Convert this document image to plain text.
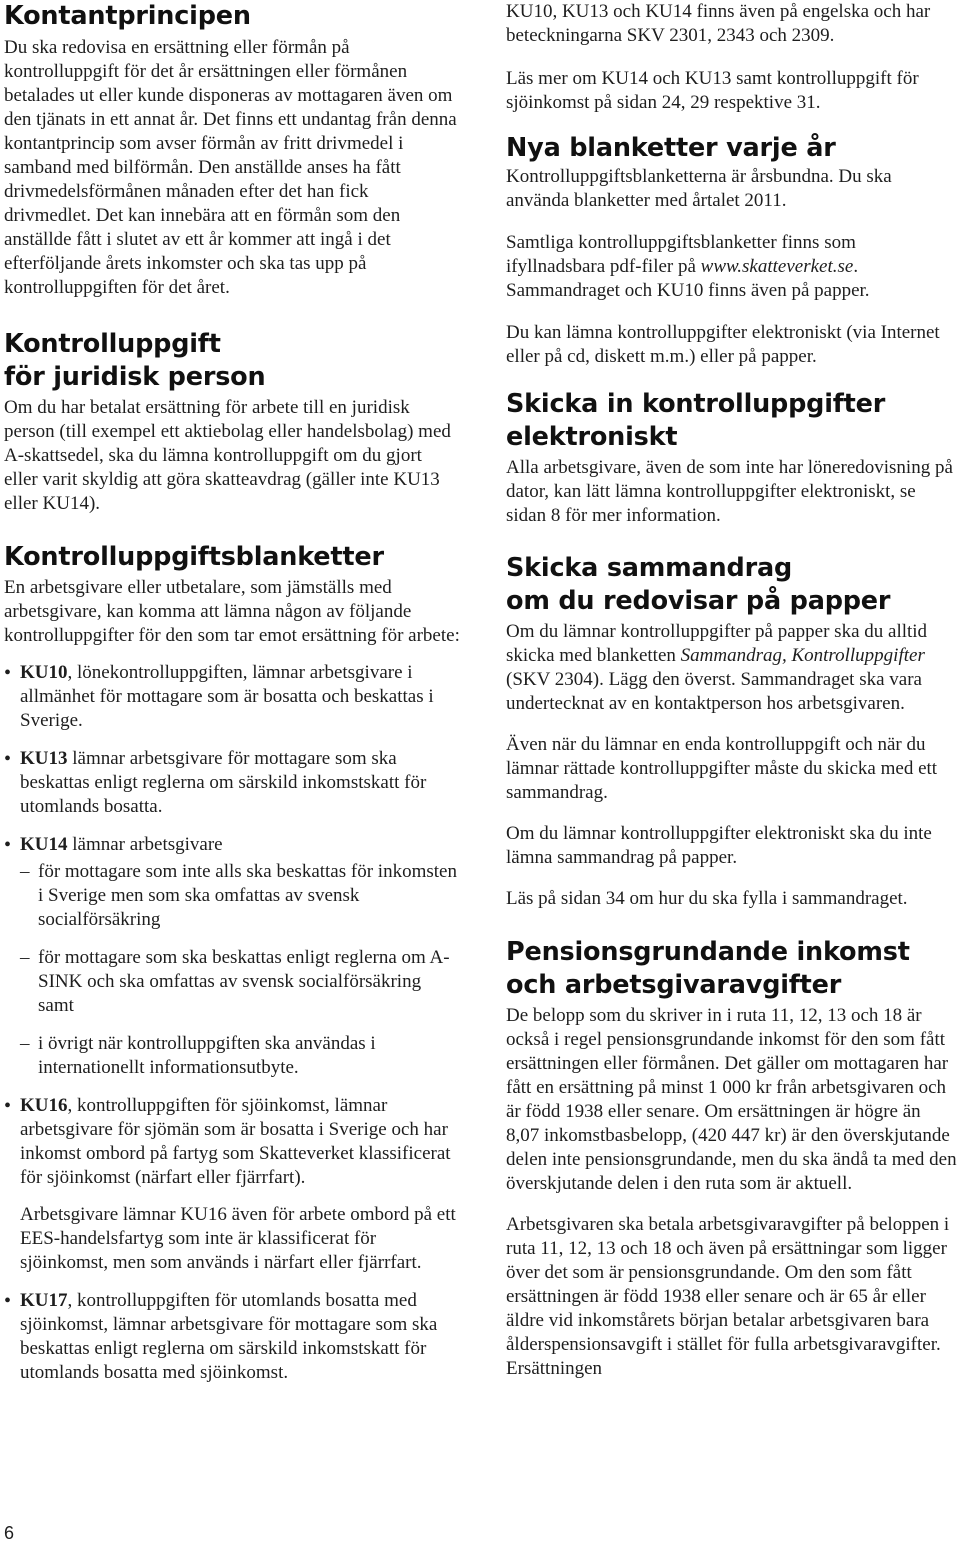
Kontantprincipen

Du ska redovisa en ersättning eller förmån på kontrolluppgift för det år ersättningen eller förmånen betalades ut eller kunde disponeras av mottagaren även om den tjänats in ett annat år. Det finns ett undantag från denna kontantprincip som avser förmån av fritt drivmedel i samband med bilförmån. Den anställde anses ha fått drivmedelsförmånen månaden efter det han fick drivmedlet. Det kan innebära att en förmån som den anställde fått i slutet av ett år kommer att ingå i det efterföljande årets inkomster och ska tas upp på kontrolluppgiften för det året.

Kontrolluppgift
för juridisk person

Om du har betalat ersättning för arbete till en juridisk person (till exempel ett aktiebolag eller handelsbolag) med A-skattsedel, ska du lämna kontrolluppgift om du gjort eller varit skyldig att göra skatteavdrag (gäller inte KU13 eller KU14).

Kontrolluppgiftsblanketter

En arbetsgivare eller utbetalare, som jämställs med arbetsgivare, kan komma att lämna någon av följande kontrolluppgifter för den som tar emot ersättning för arbete:

• KU10, lönekontrolluppgiften, lämnar arbetsgivare i allmänhet för mottagare som är bosatta och beskattas i Sverige.

• KU13 lämnar arbetsgivare för mottagare som ska beskattas enligt reglerna om särskild inkomstskatt för utomlands bosatta.

• KU14 lämnar arbetsgivare

– för mottagare som inte alls ska beskattas för inkomsten i Sverige men som ska omfattas av svensk socialförsäkring

– för mottagare som ska beskattas enligt reglerna om A-SINK och ska omfattas av svensk socialförsäkring samt

– i övrigt när kontrolluppgiften ska användas i internationellt informationsutbyte.

• KU16, kontrolluppgiften för sjöinkomst, lämnar arbetsgivare för sjömän som är bosatta i Sverige och har inkomst ombord på fartyg som Skatteverket klassificerat för sjöinkomst (närfart eller fjärrfart).

Arbetsgivare lämnar KU16 även för arbete ombord på ett EES-handelsfartyg som inte är klassificerat för sjöinkomst, men som används i närfart eller fjärrfart.

• KU17, kontrolluppgiften för utomlands bosatta med sjöinkomst, lämnar arbetsgivare för mottagare som ska beskattas enligt reglerna om särskild inkomstskatt för utomlands bosatta med sjöinkomst.

KU10, KU13 och KU14 finns även på engelska och har beteckningarna SKV 2301, 2343 och 2309.

Läs mer om KU14 och KU13 samt kontrolluppgift för sjöinkomst på sidan 24, 29 respektive 31.

Nya blanketter varje år

Kontrolluppgiftsblanketterna är årsbundna. Du ska använda blanketter med årtalet 2011.

Samtliga kontrolluppgiftsblanketter finns som ifyllnadsbara pdf-filer på www.skatteverket.se. Sammandraget och KU10 finns även på papper.

Du kan lämna kontrolluppgifter elektroniskt (via Internet eller på cd, diskett m.m.) eller på papper.

Skicka in kontrolluppgifter
elektroniskt

Alla arbetsgivare, även de som inte har löneredovisning på dator, kan lätt lämna kontrolluppgifter elektroniskt, se sidan 8 för mer information.

Skicka sammandrag
om du redovisar på papper

Om du lämnar kontrolluppgifter på papper ska du alltid skicka med blanketten Sammandrag, Kontrolluppgifter (SKV 2304). Lägg den överst. Sammandraget ska vara undertecknat av en kontaktperson hos arbetsgivaren.

Även när du lämnar en enda kontrolluppgift och när du lämnar rättade kontrolluppgifter måste du skicka med ett sammandrag.

Om du lämnar kontrolluppgifter elektroniskt ska du inte lämna sammandrag på papper.

Läs på sidan 34 om hur du ska fylla i sammandraget.

Pensionsgrundande inkomst
och arbetsgivaravgifter

De belopp som du skriver in i ruta 11, 12, 13 och 18 är också i regel pensionsgrundande inkomst för den som fått ersättningen eller förmånen. Det gäller om mottagaren har fått en ersättning på minst 1 000 kr från arbetsgivaren och är född 1938 eller senare. Om ersättningen är högre än 8,07 inkomstbasbelopp, (420 447 kr) är den överskjutande delen inte pensionsgrundande, men du ska ändå ta med den överskjutande delen i den ruta som är aktuell.

Arbetsgivaren ska betala arbetsgivaravgifter på beloppen i ruta 11, 12, 13 och 18 och även på ersättningar som ligger över det som är pensionsgrundande. Om den som fått ersättningen är född 1938 eller senare och är 65 år eller äldre vid inkomstårets början betalar arbetsgivaren bara ålderspensionsavgift i stället för fulla arbetsgivaravgifter. Ersättningen

6
